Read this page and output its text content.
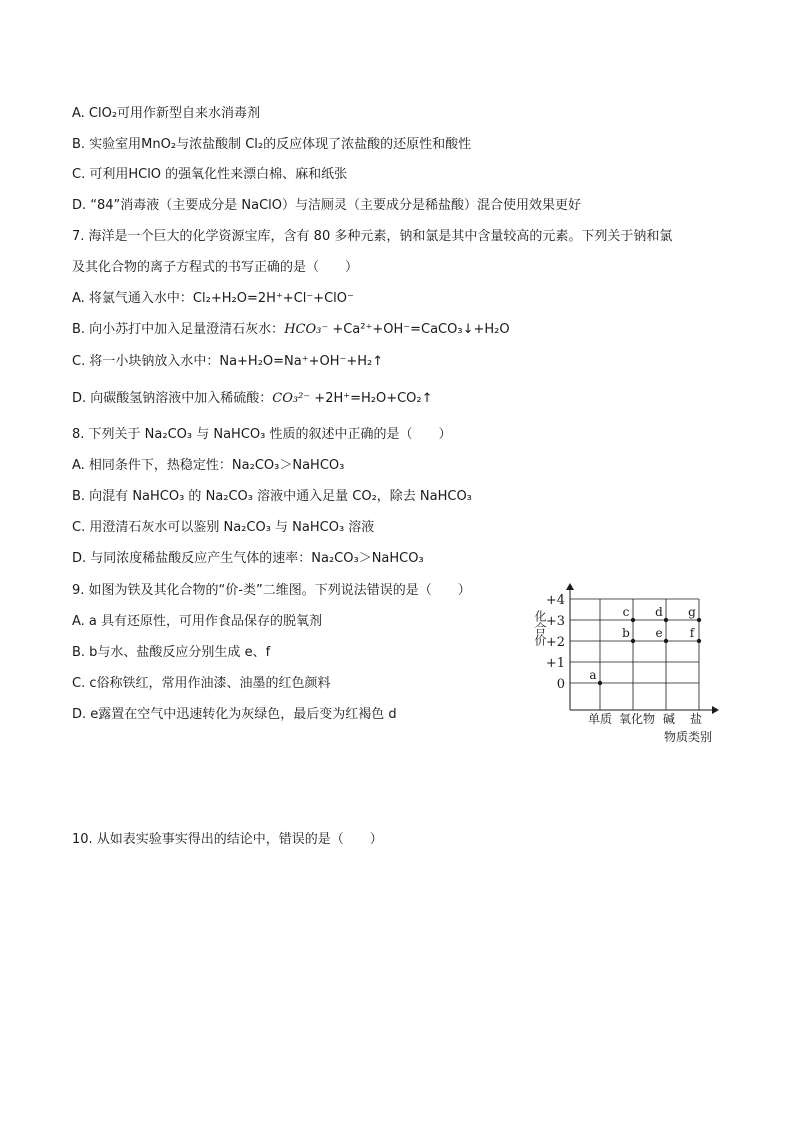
A. ClO₂可用作新型自来水消毒剂
B. 实验室用MnO₂与浓盐酸制 Cl₂的反应体现了浓盐酸的还原性和酸性
C. 可利用HClO 的强氧化性来漂白棉、麻和纸张
D. “84”消毒液（主要成分是 NaClO）与洁厕灵（主要成分是稀盐酸）混合使用效果更好
7. 海洋是一个巨大的化学资源宝库，含有 80 多种元素，钠和氯是其中含量较高的元素。下列关于钠和氯
及其化合物的离子方程式的书写正确的是（　　）
A. 将氯气通入水中：Cl₂+H₂O=2H⁺+Cl⁻+ClO⁻
B. 向小苏打中加入足量澄清石灰水：HCO₃⁻ +Ca²⁺+OH⁻=CaCO₃↓+H₂O
C. 将一小块钠放入水中：Na+H₂O=Na⁺+OH⁻+H₂↑
D. 向碳酸氢钠溶液中加入稀硫酸：CO₃²⁻ +2H⁺=H₂O+CO₂↑
8. 下列关于 Na₂CO₃ 与 NaHCO₃ 性质的叙述中正确的是（　　）
A. 相同条件下，热稳定性：Na₂CO₃＞NaHCO₃
B. 向混有 NaHCO₃ 的 Na₂CO₃ 溶液中通入足量 CO₂，除去 NaHCO₃
C. 用澄清石灰水可以鉴别 Na₂CO₃ 与 NaHCO₃ 溶液
D. 与同浓度稀盐酸反应产生气体的速率：Na₂CO₃＞NaHCO₃
9. 如图为铁及其化合物的“价-类”二维图。下列说法错误的是（　　）
A. a 具有还原性，可用作食品保存的脱氧剂
B. b与水、盐酸反应分别生成 e、f
C. c俗称铁红，常用作油漆、油墨的红色颜料
D. e露置在空气中迅速转化为灰绿色，最后变为红褐色 d
10. 从如表实验事实得出的结论中，错误的是（　　）
化合价
0
+1
+2
+3
+4
单质 氧化物 碱 盐
a
b
c d
e f
g
物质类别
